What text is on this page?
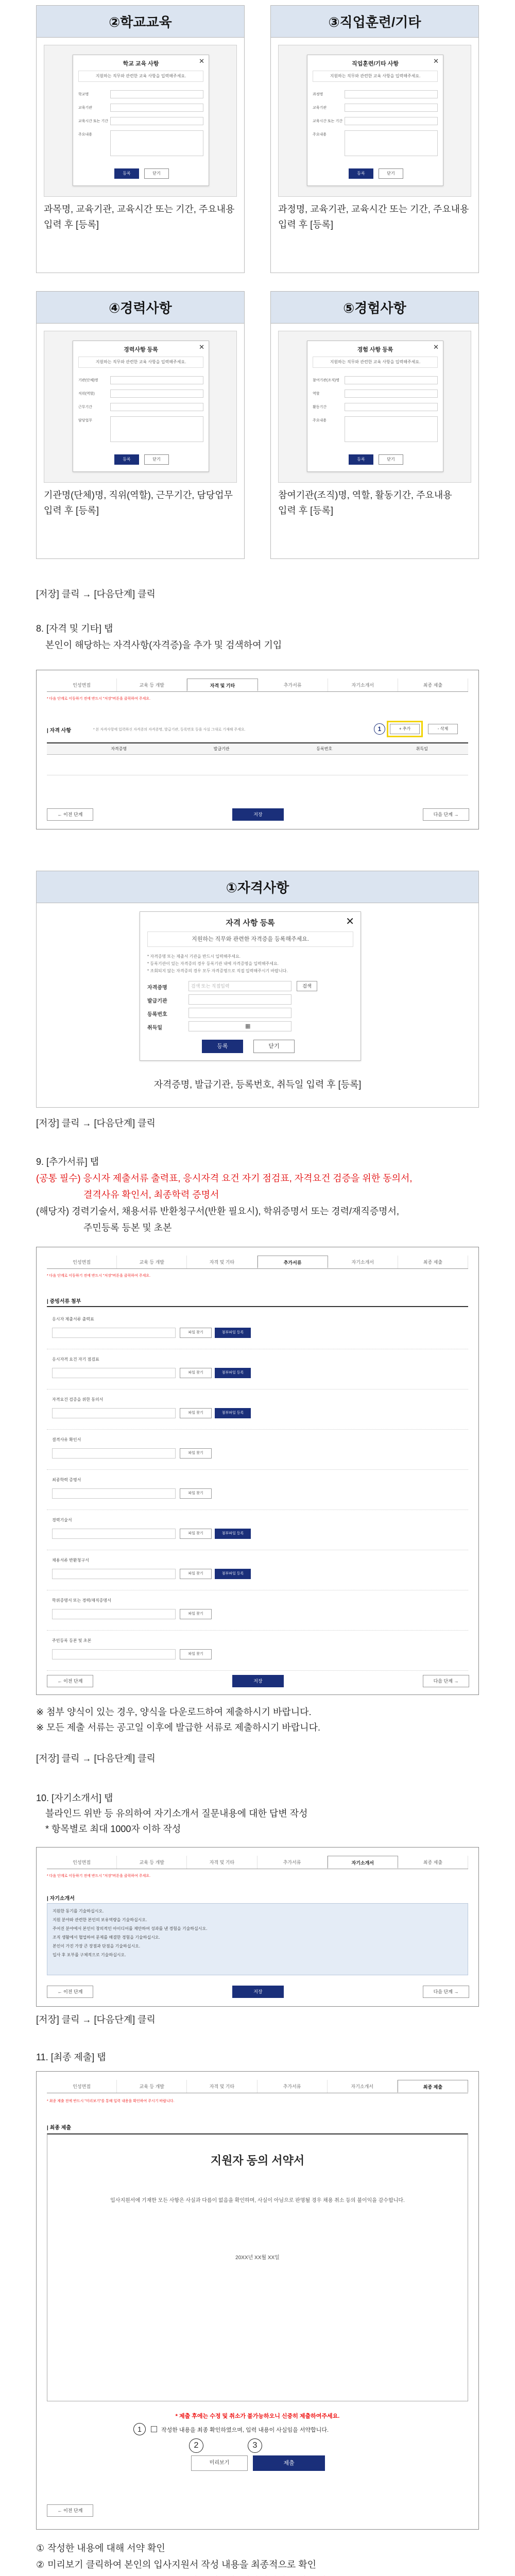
②학교교육
학교 교육 사항	✕
지원하는 직무와 관련한 교육 사항을 입력해주세요.
학교명
교육기관
교육시간 또는 기간
주요내용
등록	닫기
과목명, 교육기관, 교육시간 또는 기간, 주요내용
입력 후 [등록]
③직업훈련/기타
직업훈련/기타 사항	✕
지원하는 직무와 관련한 교육 사항을 입력해주세요.
과정명
교육기관
교육시간 또는 기간
주요내용
등록	닫기
과정명, 교육기관, 교육시간 또는 기간, 주요내용
입력 후 [등록]
④경력사항
경력사항 등록	✕
지원하는 직무와 관련한 교육 사항을 입력해주세요.
기관(단체)명
직위(역할)
근무기간
담당업무
등록	닫기
기관명(단체)명, 직위(역할), 근무기간, 담당업무
입력 후 [등록]
⑤경험사항
경험 사항 등록	✕
지원하는 직무와 관련한 교육 사항을 입력해주세요.
참여기관(조직)명
역할
활동기간
주요내용
등록	닫기
참여기관(조직)명, 역할, 활동기간, 주요내용
입력 후 [등록]
[저장] 클릭 → [다음단계] 클릭
8. [자격 및 기타] 탭
본인이 해당하는 자격사항(자격증)을 추가 및 검색하여 기입
인성면접	교육 등 개발	자격 및 기타	추가서류	자기소개서	최종 제출
* 다음 단계로 이동하기 전에 반드시 "저장"버튼을 클릭하여 주세요.
| 자격 사항	* 본 자격사항에 입력하신 자격증의 자격증명, 발급기관, 등록번호 등을 사실 그대로 기재해 주세요.	1	+ 추가	- 삭제
자격증명	발급기관	등록번호	취득일
← 이전 단계	저장	다음 단계 →
①자격사항
자격 사항 등록	✕
지원하는 직무와 관련한 자격증을 등록해주세요.
* 자격증명 또는 제출서 기관을 반드시 입력해주세요.
* 등록기관이 있는 자격증의 경우 등록기관 내에 자격증명을 입력해주세요.
* 조회되지 않는 자격증의 경우 모두 자격증명으로 직접 입력해주시기 바랍니다.
자격증명	검색 또는 직접입력	검색
발급기관
등록번호
취득일	▦
등록	닫기
자격증명, 발급기관, 등록번호, 취득일 입력 후 [등록]
[저장] 클릭 → [다음단계] 클릭
9. [추가서류] 탭
(공통 필수) 응시자 제출서류 출력표, 응시자격 요건 자기 점검표, 자격요건 검증을 위한 동의서,
결격사유 확인서, 최종학력 증명서
(해당자) 경력기술서, 채용서류 반환청구서(반환 필요시), 학위증명서 또는 경력/재직증명서,
주민등록 등본 및 초본
인성면접	교육 등 개발	자격 및 기타	추가서류	자기소개서	최종 제출
* 다음 단계로 이동하기 전에 반드시 "저장"버튼을 클릭하여 주세요.
| 증빙서류 첨부
응시자 제출서류 출력표
파일 찾기	첨부파일 등록
응시자격 요건 자기 점검표
파일 찾기	첨부파일 등록
자격요건 검증을 위한 동의서
파일 찾기	첨부파일 등록
결격사유 확인서
파일 찾기
최종학력 증명서
파일 찾기
경력기술서
파일 찾기	첨부파일 등록
채용서류 반환청구서
파일 찾기	첨부파일 등록
학위증명서 또는 경력/재직증명서
파일 찾기
주민등록 등본 및 초본
파일 찾기
← 이전 단계	저장	다음 단계 →
※ 첨부 양식이 있는 경우, 양식을 다운로드하여 제출하시기 바랍니다.
※ 모든 제출 서류는 공고일 이후에 발급한 서류로 제출하시기 바랍니다.
[저장] 클릭 → [다음단계] 클릭
10. [자기소개서] 탭
블라인드 위반 등 유의하여 자기소개서 질문내용에 대한 답변 작성
* 항목별로 최대 1000자 이하 작성
인성면접	교육 등 개발	자격 및 기타	추가서류	자기소개서	최종 제출
* 다음 단계로 이동하기 전에 반드시 "저장"버튼을 클릭하여 주세요.
| 자기소개서
지원한 동기를 기술하십시오.
지원 분야와 관련한 본인의 보유역량을 기술하십시오.
주어진 분야에서 본인이 창의적인 아이디어를 제안하여 성과를 낸 경험을 기술하십시오.
조직 생활에서 협업하여 문제를 해결한 경험을 기술하십시오.
본인이 가진 가장 큰 장점과 단점을 기술하십시오.
입사 후 포부를 구체적으로 기술하십시오.
← 이전 단계	저장	다음 단계 →
[저장] 클릭 → [다음단계] 클릭
11. [최종 제출] 탭
인성면접	교육 등 개발	자격 및 기타	추가서류	자기소개서	최종 제출
* 최종 제출 전에 반드시 "미리보기"를 통해 입력 내용을 확인하여 주시기 바랍니다.
| 최종 제출
지원자 동의 서약서
입사지원서에 기재한 모든 사항은 사실과 다름이 없음을 확인하며, 사실이 아님으로 판명될 경우 채용 취소 등의 불이익을 감수합니다.
20XX년 XX월 XX일
* 제출 후에는 수정 및 취소가 불가능하오니 신중히 제출하여주세요.
1	작성한 내용을 최종 확인하였으며, 입력 내용이 사실임을 서약합니다.
2	3
미리보기	제출
← 이전 단계
① 작성한 내용에 대해 서약 확인
② 미리보기 클릭하여 본인의 입사지원서 작성 내용을 최종적으로 확인
